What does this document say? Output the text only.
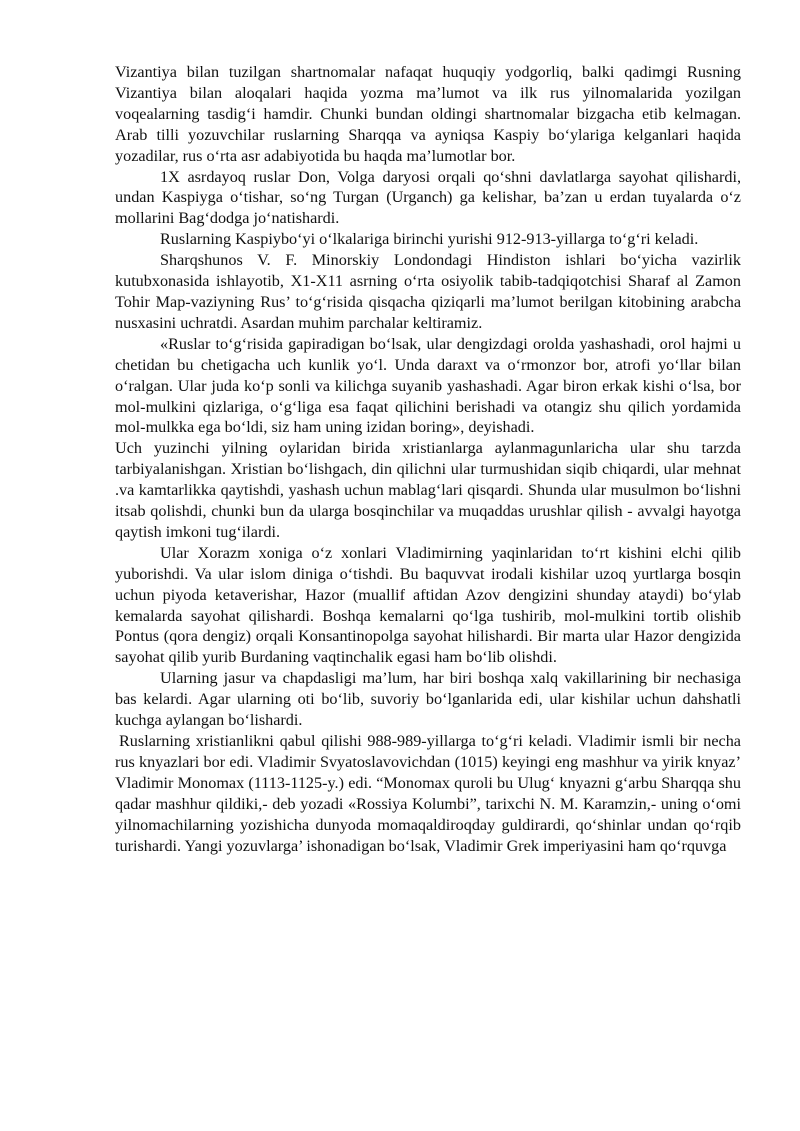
Vizantiya bilan tuzilgan shartnomalar nafaqat huquqiy yodgorliq, balki qadimgi Rusning Vizantiya bilan aloqalari haqida yozma ma’lumot va ilk rus yilnomalarida yozilgan voqealarning tasdig‘i hamdir. Chunki bundan oldingi shartnomalar bizgacha etib kelmagan. Arab tilli yozuvchilar ruslarning Sharqqa va ayniqsa Kaspiy bo‘ylariga kelganlari haqida yozadilar, rus o‘rta asr adabiyotida bu haqda ma’lumotlar bor.

1X asrdayoq ruslar Don, Volga daryosi orqali qo‘shni davlatlarga sayohat qilishardi, undan Kaspiyga o‘tishar, so‘ng Turgan (Urganch) ga kelishar, ba’zan u erdan tuyalarda o‘z mollarini Bag‘dodga jo‘natishardi.

Ruslarning Kaspiybo‘yi o‘lkalariga birinchi yurishi 912-913-yillarga to‘g‘ri keladi.

Sharqshunos V. F. Minorskiy Londondagi Hindiston ishlari bo‘yicha vazirlik kutubxonasida ishlayotib, X1-X11 asrning o‘rta osiyolik tabib-tadqiqotchisi Sharaf al Zamon Tohir Map-vaziyning Rus’ to‘g‘risida qisqacha qiziqarli ma’lumot berilgan kitobining arabcha nusxasini uchratdi. Asardan muhim parchalar keltiramiz.

«Ruslar to‘g‘risida gapiradigan bo‘lsak, ular dengizdagi oroldа yashashadi, orol hajmi u chetidan bu chetigacha uch kunlik yo‘l. Unda daraxt va o‘rmonzor bor, atrofi yo‘llar bilan o‘ralgan. Ular juda ko‘p sonli va kilichga suyanib yashashadi. Agar biron erkak kishi o‘lsa, bor mol-mulkini qizlariga, o‘g‘liga esa faqat qilichini berishadi va otangiz shu qilich yordamida mol-mulkka ega bo‘ldi, siz ham uning izidan boring», deyishadi.

Uch yuzinchi yilning oylaridan birida xristianlarga aylanmagunlaricha ular shu tarzda tarbiyalanishgan. Xristian bo‘lishgach, din qilichni ular turmushidan siqib chiqardi, ular mehnat .va kamtarlikka qaytishdi, yashash uchun mablag‘lari qisqardi. Shunda ular musulmon bo‘lishni itsab qolishdi, chunki bun da ularga bosqinchilar va muqaddas urushlar qilish - avvalgi hayotga qaytish imkoni tug‘ilardi.

Ular Xorazm xoniga o‘z xonlari Vladimirning yaqinlaridan to‘rt kishini elchi qilib yuborishdi. Va ular islom diniga o‘tishdi. Bu baquvvat irodali kishilar uzoq yurtlarga bosqin uchun piyoda ketaverishar, Hazor (muallif aftidan Azov dengizini shunday ataydi) bo‘ylab kemalarda sayohat qilishardi. Boshqa kemalarni qo‘lga tushirib, mol-mulkini tortib olishib Pontus (qora dengiz) orqali Konsantinopolga sayohat hilishardi. Bir marta ular Hazor dengizida sayohat qilib yurib Burdaning vaqtinchalik egasi ham bo‘lib olishdi.

Ularning jasur va chapdasligi ma’lum, har biri boshqa xalq vakillarining bir nechasiga bas kelardi. Agar ularning oti bo‘lib, suvoriy bo‘lganlarida edi, ular kishilar uchun dahshatli kuchga aylangan bo‘lishardi.

Ruslarning xristianlikni qabul qilishi 988-989-yillarga to‘g‘ri keladi. Vladimir ismli bir necha rus knyazlari bor edi. Vladimir Svyatoslavovichdan (1015) keyingi eng mashhur va yirik knyaz’ Vladimir Monomax (1113-1125-y.) edi. “Monomax quroli bu Ulug‘ knyazni g‘arbu Sharqqa shu qadar mashhur qildiki,- deb yozadi «Rossiya Kolumbi”, tarixchi N. M. Karamzin,- uning o‘omi yilnomachilarning yozishicha dunyoda momaqaldiroqday guldirardi, qo‘shinlar undan qo‘rqib turishardi. Yangi yozuvlarga’ ishonadigan bo‘lsak, Vladimir Grek imperiyasini ham qo‘rquvga
